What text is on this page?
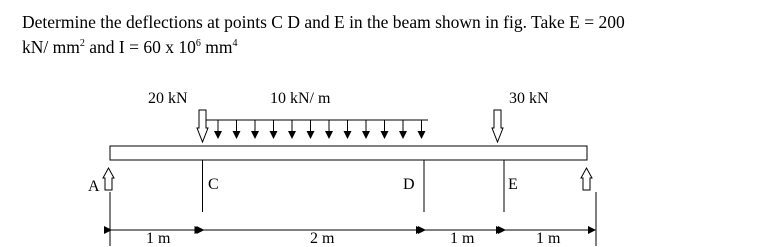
Determine the deflections at points C D and E in the beam shown in fig. Take E = 200
kN/ $mm^2$ and I = 60 x $10^6$ $mm^4$

20 kN	30 kN
10 kN/ m
A	C	D	E
1 m	2 m	1 m	1 m
